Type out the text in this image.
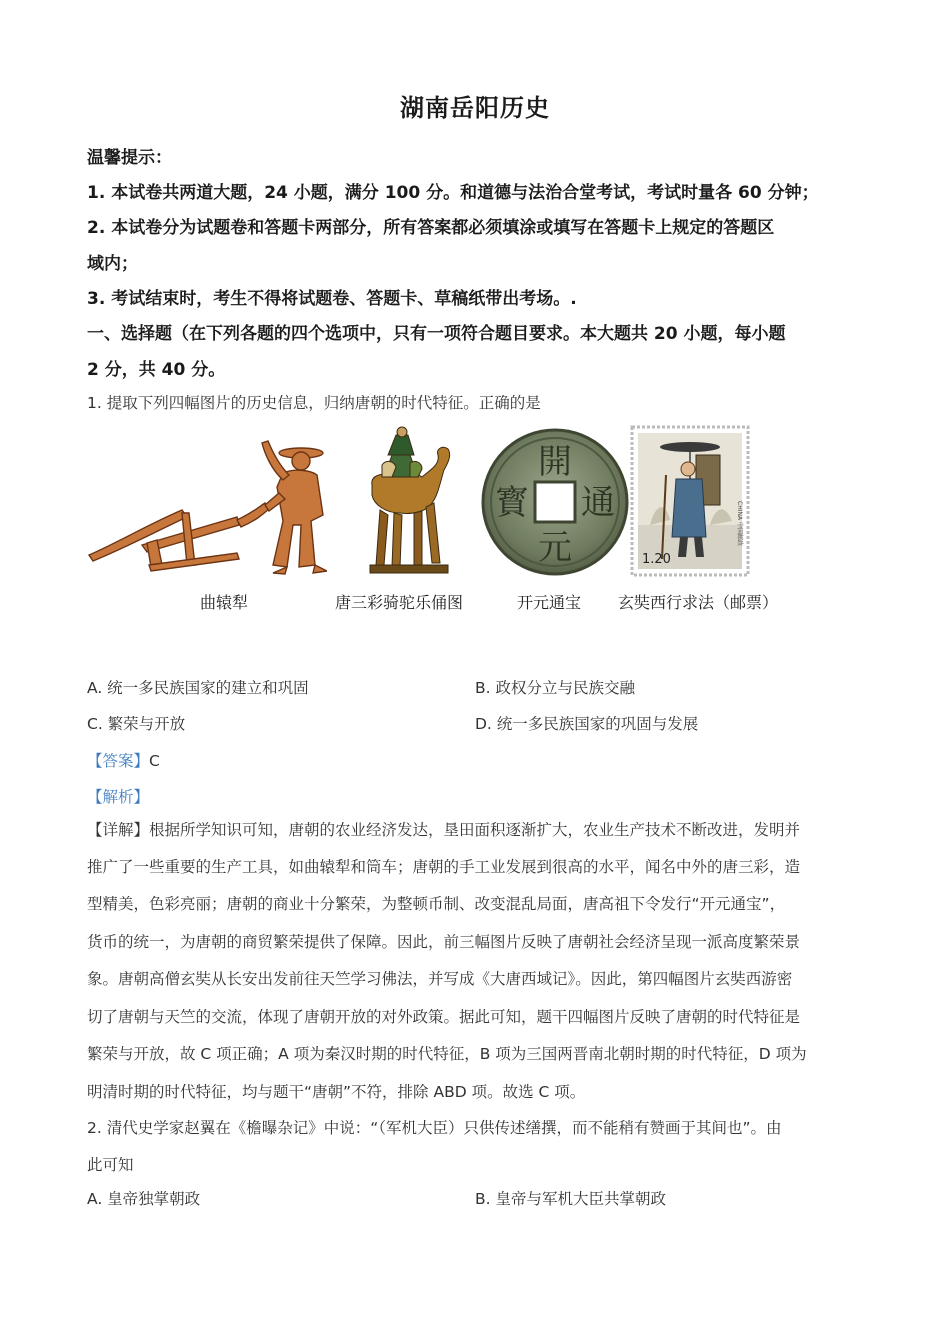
湖南岳阳历史
温馨提示：
1. 本试卷共两道大题，24 小题，满分 100 分。和道德与法治合堂考试，考试时量各 60 分钟；
2. 本试卷分为试题卷和答题卡两部分，所有答案都必须填涂或填写在答题卡上规定的答题区
域内；
3. 考试结束时，考生不得将试题卷、答题卡、草稿纸带出考场。.
一、选择题（在下列各题的四个选项中，只有一项符合题目要求。本大题共 20 小题，每小题
2 分，共 40 分。
1. 提取下列四幅图片的历史信息，归纳唐朝的时代特征。正确的是
開
通
元
寳
1.20
CHINA 中国邮政
曲辕犁	唐三彩骑驼乐俑图	开元通宝 玄奘西行求法（邮票）
A. 统一多民族国家的建立和巩固	B. 政权分立与民族交融
C. 繁荣与开放	D. 统一多民族国家的巩固与发展
【答案】C
【解析】
【详解】根据所学知识可知，唐朝的农业经济发达，垦田面积逐渐扩大，农业生产技术不断改进，发明并
推广了一些重要的生产工具，如曲辕犁和筒车；唐朝的手工业发展到很高的水平，闻名中外的唐三彩，造
型精美，色彩亮丽；唐朝的商业十分繁荣，为整顿币制、改变混乱局面，唐高祖下令发行“开元通宝”，
货币的统一，为唐朝的商贸繁荣提供了保障。因此，前三幅图片反映了唐朝社会经济呈现一派高度繁荣景
象。唐朝高僧玄奘从长安出发前往天竺学习佛法，并写成《大唐西域记》。因此，第四幅图片玄奘西游密
切了唐朝与天竺的交流，体现了唐朝开放的对外政策。据此可知，题干四幅图片反映了唐朝的时代特征是
繁荣与开放，故 C 项正确；A 项为秦汉时期的时代特征，B 项为三国两晋南北朝时期的时代特征，D 项为
明清时期的时代特征，均与题干“唐朝”不符，排除 ABD 项。故选 C 项。
2. 清代史学家赵翼在《檐曝杂记》中说：“（军机大臣）只供传述缮撰，而不能稍有赞画于其间也”。由
此可知
A. 皇帝独掌朝政	B. 皇帝与军机大臣共掌朝政
